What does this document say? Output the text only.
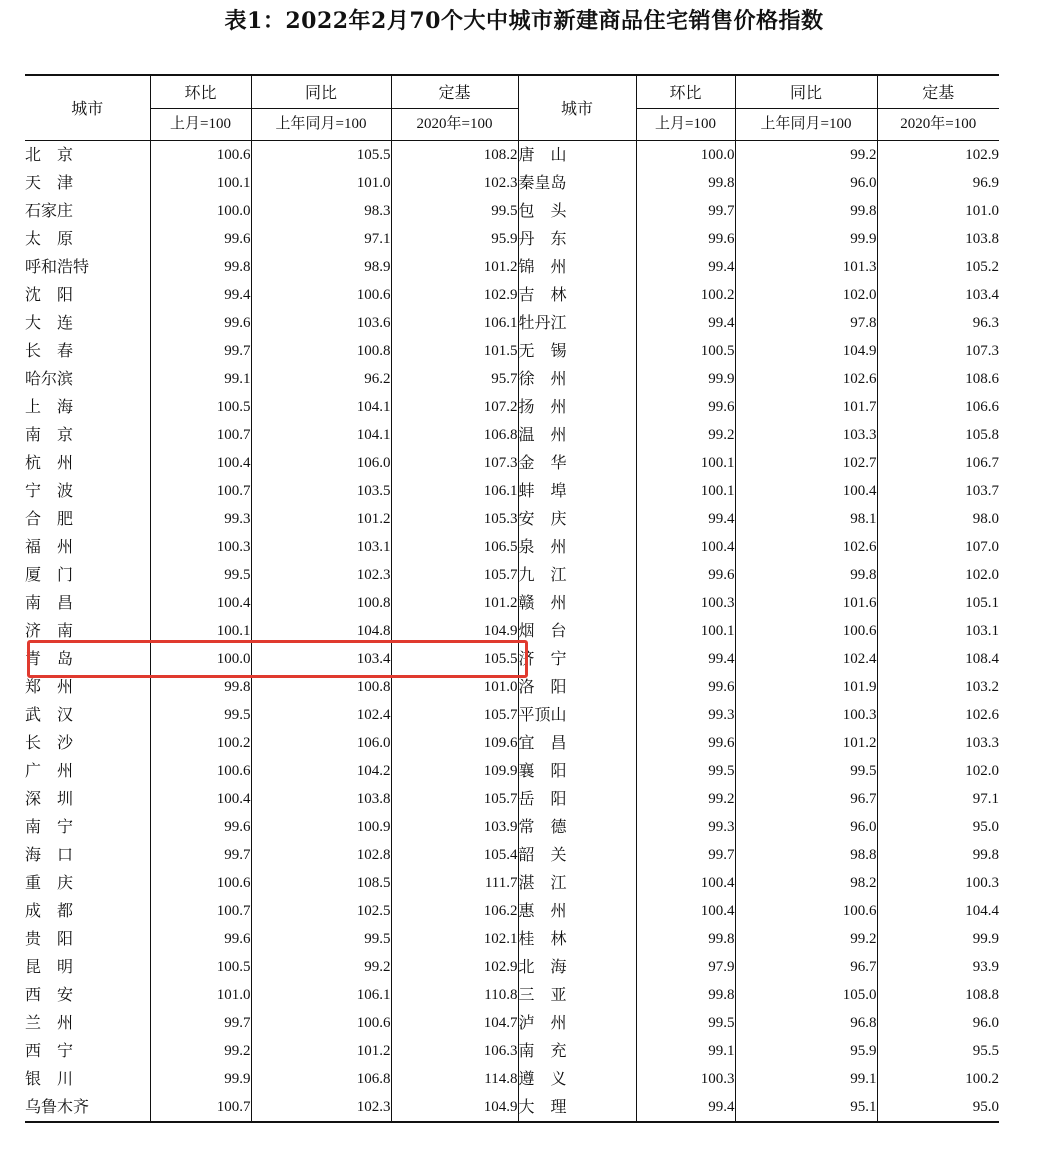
表1：2022年2月70个大中城市新建商品住宅销售价格指数
城市	环比	同比	定基	城市	环比	同比	定基
	上月=100	上年同月=100	2020年=100		上月=100	上年同月=100	2020年=100
北　京	100.6	105.5	108.2	唐　山	100.0	99.2	102.9
天　津	100.1	101.0	102.3	秦皇岛	99.8	96.0	96.9
石家庄	100.0	98.3	99.5	包　头	99.7	99.8	101.0
太　原	99.6	97.1	95.9	丹　东	99.6	99.9	103.8
呼和浩特	99.8	98.9	101.2	锦　州	99.4	101.3	105.2
沈　阳	99.4	100.6	102.9	吉　林	100.2	102.0	103.4
大　连	99.6	103.6	106.1	牡丹江	99.4	97.8	96.3
长　春	99.7	100.8	101.5	无　锡	100.5	104.9	107.3
哈尔滨	99.1	96.2	95.7	徐　州	99.9	102.6	108.6
上　海	100.5	104.1	107.2	扬　州	99.6	101.7	106.6
南　京	100.7	104.1	106.8	温　州	99.2	103.3	105.8
杭　州	100.4	106.0	107.3	金　华	100.1	102.7	106.7
宁　波	100.7	103.5	106.1	蚌　埠	100.1	100.4	103.7
合　肥	99.3	101.2	105.3	安　庆	99.4	98.1	98.0
福　州	100.3	103.1	106.5	泉　州	100.4	102.6	107.0
厦　门	99.5	102.3	105.7	九　江	99.6	99.8	102.0
南　昌	100.4	100.8	101.2	赣　州	100.3	101.6	105.1
济　南	100.1	104.8	104.9	烟　台	100.1	100.6	103.1
青　岛	100.0	103.4	105.5	济　宁	99.4	102.4	108.4
郑　州	99.8	100.8	101.0	洛　阳	99.6	101.9	103.2
武　汉	99.5	102.4	105.7	平顶山	99.3	100.3	102.6
长　沙	100.2	106.0	109.6	宜　昌	99.6	101.2	103.3
广　州	100.6	104.2	109.9	襄　阳	99.5	99.5	102.0
深　圳	100.4	103.8	105.7	岳　阳	99.2	96.7	97.1
南　宁	99.6	100.9	103.9	常　德	99.3	96.0	95.0
海　口	99.7	102.8	105.4	韶　关	99.7	98.8	99.8
重　庆	100.6	108.5	111.7	湛　江	100.4	98.2	100.3
成　都	100.7	102.5	106.2	惠　州	100.4	100.6	104.4
贵　阳	99.6	99.5	102.1	桂　林	99.8	99.2	99.9
昆　明	100.5	99.2	102.9	北　海	97.9	96.7	93.9
西　安	101.0	106.1	110.8	三　亚	99.8	105.0	108.8
兰　州	99.7	100.6	104.7	泸　州	99.5	96.8	96.0
西　宁	99.2	101.2	106.3	南　充	99.1	95.9	95.5
银　川	99.9	106.8	114.8	遵　义	100.3	99.1	100.2
乌鲁木齐	100.7	102.3	104.9	大　理	99.4	95.1	95.0
